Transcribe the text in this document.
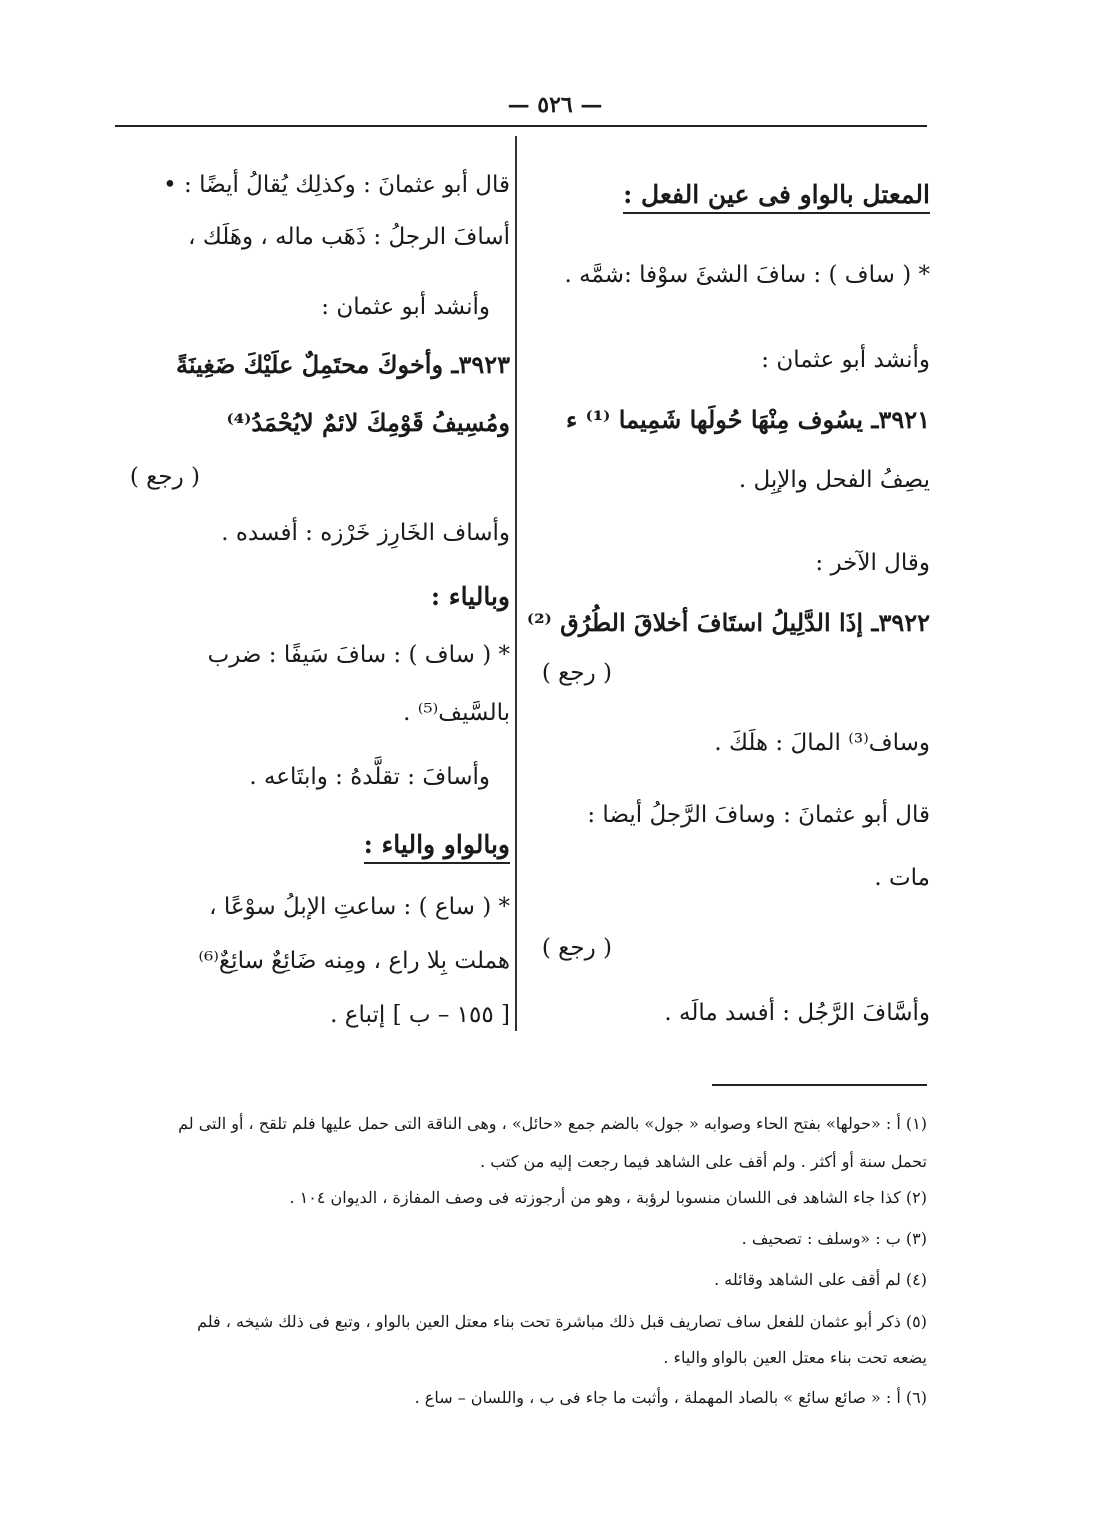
— ٥٢٦ —
المعتل بالواو فى عين الفعل :
* ( ساف ) : سافَ الشئَ سوْفا :شمَّه .
وأنشد أبو عثمان :
٣٩٢١ـ يسُوف مِنْهَا حُولَها شَمِيما ⁽¹⁾ ء
يصِفُ الفحل والإبِل .
وقال الآخر :
٣٩٢٢ـ إذَا الدَّلِيلُ استَافَ أخلاقَ الطُرُق ⁽²⁾
( رجع )
وساف⁽³⁾ المالَ : هلَكَ .
قال أبو عثمانَ : وسافَ الرَّجلُ أيضا :
مات .
( رجع )
وأسَّافَ الرَّجُل : أفسد مالَه .
قال أبو عثمانَ : وكذلِك يُقالُ أيضًا : •
أسافَ الرجلُ : ذَهَب ماله ، وهَلَك ،
وأنشد أبو عثمان :
٣٩٢٣ـ وأخوكَ محتَمِلٌ علَيْكَ ضَغِينَةً
ومُسِيفُ قَوْمِكَ لائمٌ لايُحْمَدُ⁽⁴⁾
( رجع )
وأساف الخَارِز خَرْزه : أفسده .
وبالياء :
* ( ساف ) : سافَ سَيفًا : ضرب
بالسَّيف⁽⁵⁾ .
وأسافَ : تقلَّدهُ : وابتَاعه .
وبالواو والياء :
* ( ساع ) : ساعتِ الإبلُ سوْعًا ،
هملت بِلا راع ، ومِنه ضَائِعٌ سائِعٌ⁽⁶⁾
[ ١٥٥ – ب ] إتباع .
(١) أ : «حولها» بفتح الحاء وصوابه « جول» بالضم جمع «حائل» ، وهى الناقة التى حمل عليها فلم تلقح ، أو التى لم
تحمل سنة أو أكثر . ولم أقف على الشاهد فيما رجعت إليه من كتب .
(٢) كذا جاء الشاهد فى اللسان منسوبا لرؤبة ، وهو من أرجوزته فى وصف المفازة ، الديوان ١٠٤ .
(٣) ب : «وسلف : تصحيف .
(٤) لم أقف على الشاهد وقائله .
(٥) ذكر أبو عثمان للفعل ساف تصاريف قبل ذلك مباشرة تحت بناء معتل العين بالواو ، وتبع فى ذلك شيخه ، فلم
يضعه تحت بناء معتل العين بالواو والياء .
(٦) أ : « صائع سائع » بالصاد المهملة ، وأثبت ما جاء فى ب ، واللسان – ساع .
